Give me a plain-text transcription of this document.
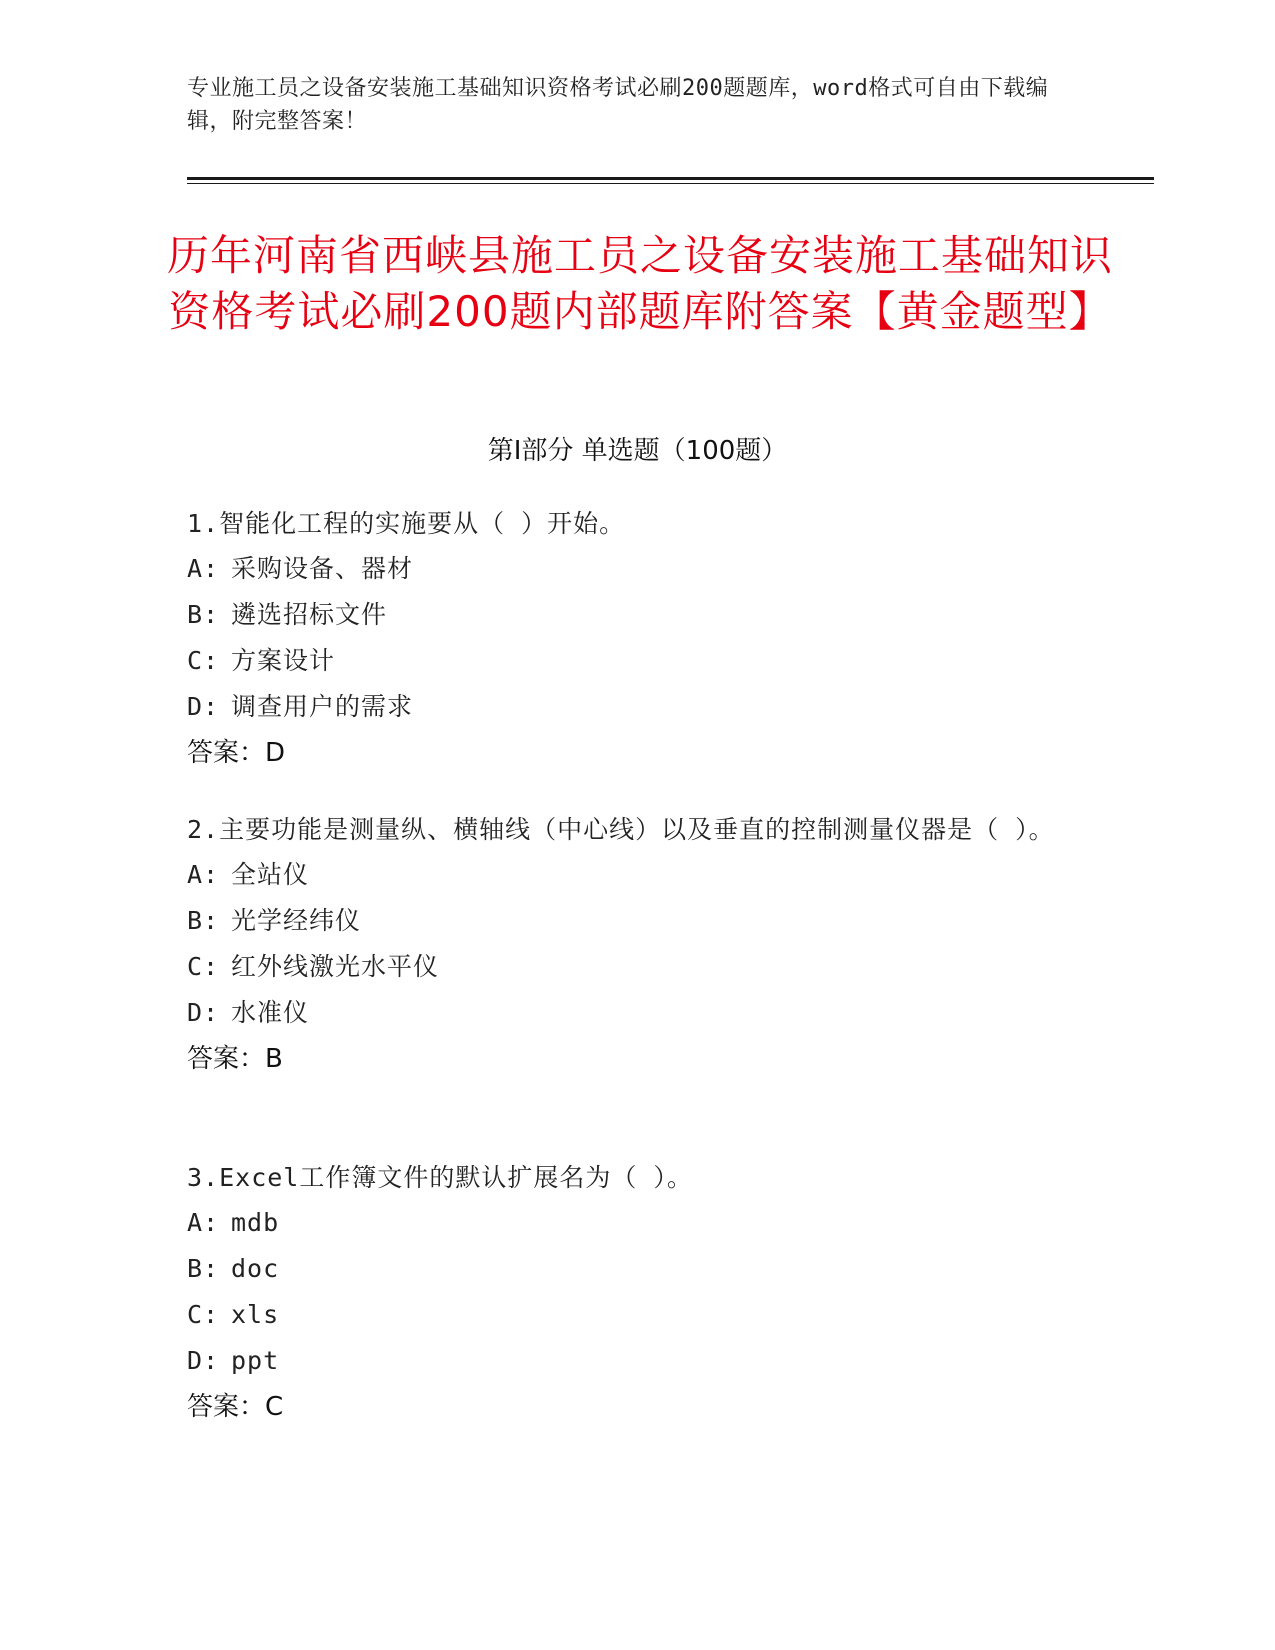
专业施工员之设备安装施工基础知识资格考试必刷200题题库，word格式可自由下载编辑，附完整答案！
历年河南省西峡县施工员之设备安装施工基础知识资格考试必刷200题内部题库附答案【黄金题型】
第Ⅰ部分 单选题（100题）
1.智能化工程的实施要从（ ）开始。
A: 采购设备、器材
B: 遴选招标文件
C: 方案设计
D: 调查用户的需求
答案：D
2.主要功能是测量纵、横轴线（中心线）以及垂直的控制测量仪器是（ ）。
A: 全站仪
B: 光学经纬仪
C: 红外线激光水平仪
D: 水准仪
答案：B
3.Excel工作簿文件的默认扩展名为（ ）。
A: mdb
B: doc
C: xls
D: ppt
答案：C
